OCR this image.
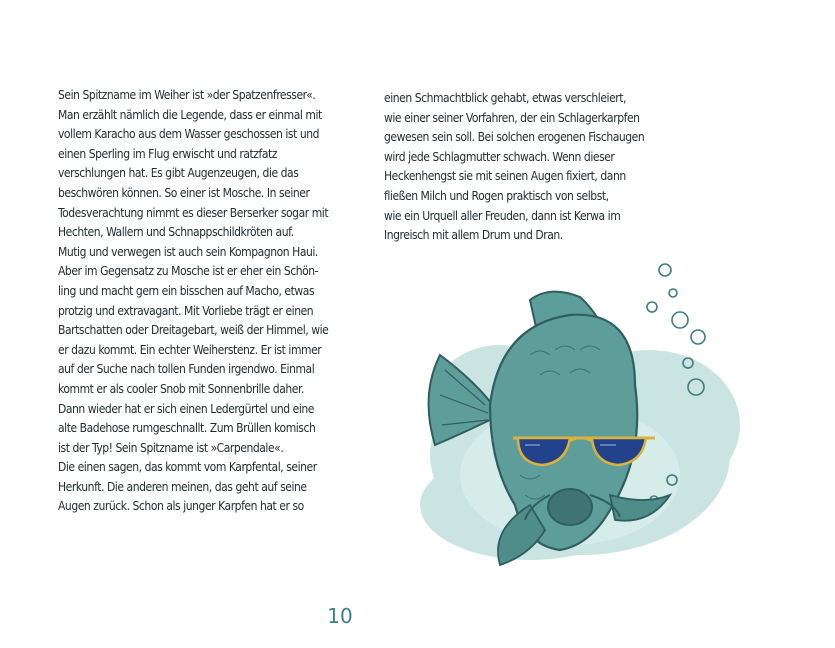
Sein Spitzname im Weiher ist »der Spatzenfresser«.
Man erzählt nämlich die Legende, dass er einmal mit
vollem Karacho aus dem Wasser geschossen ist und
einen Sperling im Flug erwischt und ratzfatz
verschlungen hat. Es gibt Augenzeugen, die das
beschwören können. So einer ist Mosche. In seiner
Todesverachtung nimmt es dieser Berserker sogar mit
Hechten, Wallern und Schnappschildkröten auf.
Mutig und verwegen ist auch sein Kompagnon Haui.
Aber im Gegensatz zu Mosche ist er eher ein Schön-
ling und macht gern ein bisschen auf Macho, etwas
protzig und extravagant. Mit Vorliebe trägt er einen
Bartschatten oder Dreitagebart, weiß der Himmel, wie
er dazu kommt. Ein echter Weiherstenz. Er ist immer
auf der Suche nach tollen Funden irgendwo. Einmal
kommt er als cooler Snob mit Sonnenbrille daher.
Dann wieder hat er sich einen Ledergürtel und eine
alte Badehose rumgeschnallt. Zum Brüllen komisch
ist der Typ! Sein Spitzname ist »Carpendale«.
Die einen sagen, das kommt vom Karpfental, seiner
Herkunft. Die anderen meinen, das geht auf seine
Augen zurück. Schon als junger Karpfen hat er so
einen Schmachtblick gehabt, etwas verschleiert,
wie einer seiner Vorfahren, der ein Schlagerkarpfen
gewesen sein soll. Bei solchen erogenen Fischaugen
wird jede Schlagmutter schwach. Wenn dieser
Heckenhengst sie mit seinen Augen fixiert, dann
fließen Milch und Rogen praktisch von selbst,
wie ein Urquell aller Freuden, dann ist Kerwa im
Ingreisch mit allem Drum und Dran.
10
